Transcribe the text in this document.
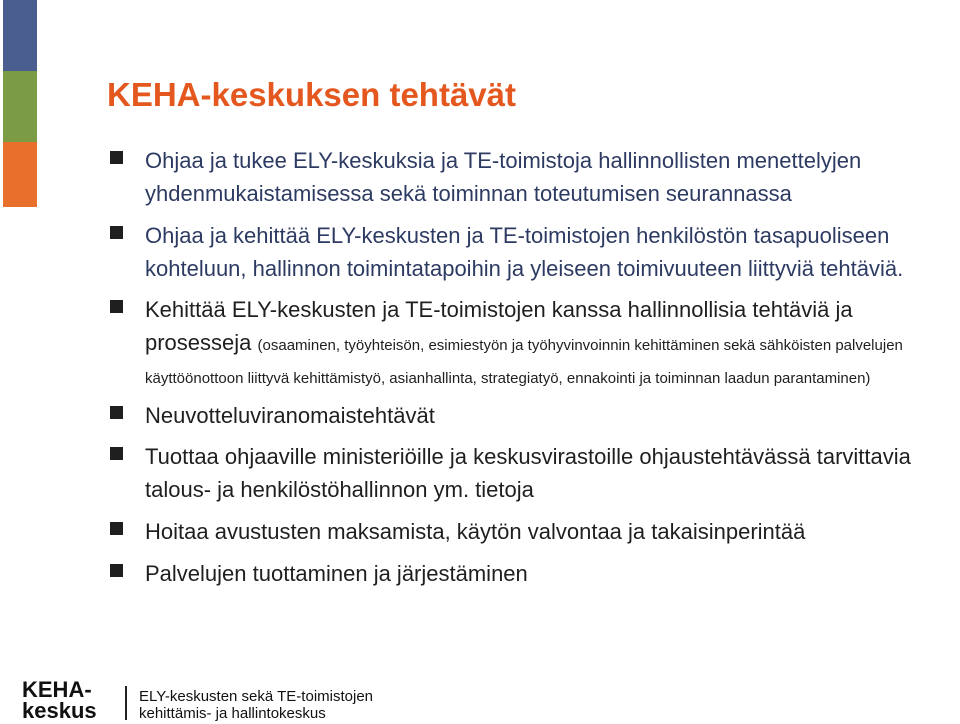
KEHA-keskuksen tehtävät
Ohjaa ja tukee ELY-keskuksia ja TE-toimistoja hallinnollisten menettelyjen yhdenmukaistamisessa sekä toiminnan toteutumisen seurannassa
Ohjaa ja kehittää ELY-keskusten ja TE-toimistojen henkilöstön tasapuoliseen kohteluun, hallinnon toimintatapoihin ja yleiseen toimivuuteen liittyviä tehtäviä.
Kehittää ELY-keskusten ja TE-toimistojen kanssa hallinnollisia tehtäviä ja prosesseja (osaaminen, työyhteisön, esimiestyön ja työhyvinvoinnin kehittäminen sekä sähköisten palvelujen käyttöönottoon liittyvä kehittämistyö, asianhallinta, strategiatyö, ennakointi ja toiminnan laadun parantaminen)
Neuvotteluviranomaistehtävät
Tuottaa ohjaaville ministeriöille ja keskusvirastoille ohjaustehtävässä tarvittavia talous- ja henkilöstöhallinnon ym. tietoja
Hoitaa avustusten maksamista, käytön valvontaa ja takaisinperintää
Palvelujen tuottaminen ja järjestäminen
KEHA-
keskus
ELY-keskusten sekä TE-toimistojen
kehittämis- ja hallintokeskus
